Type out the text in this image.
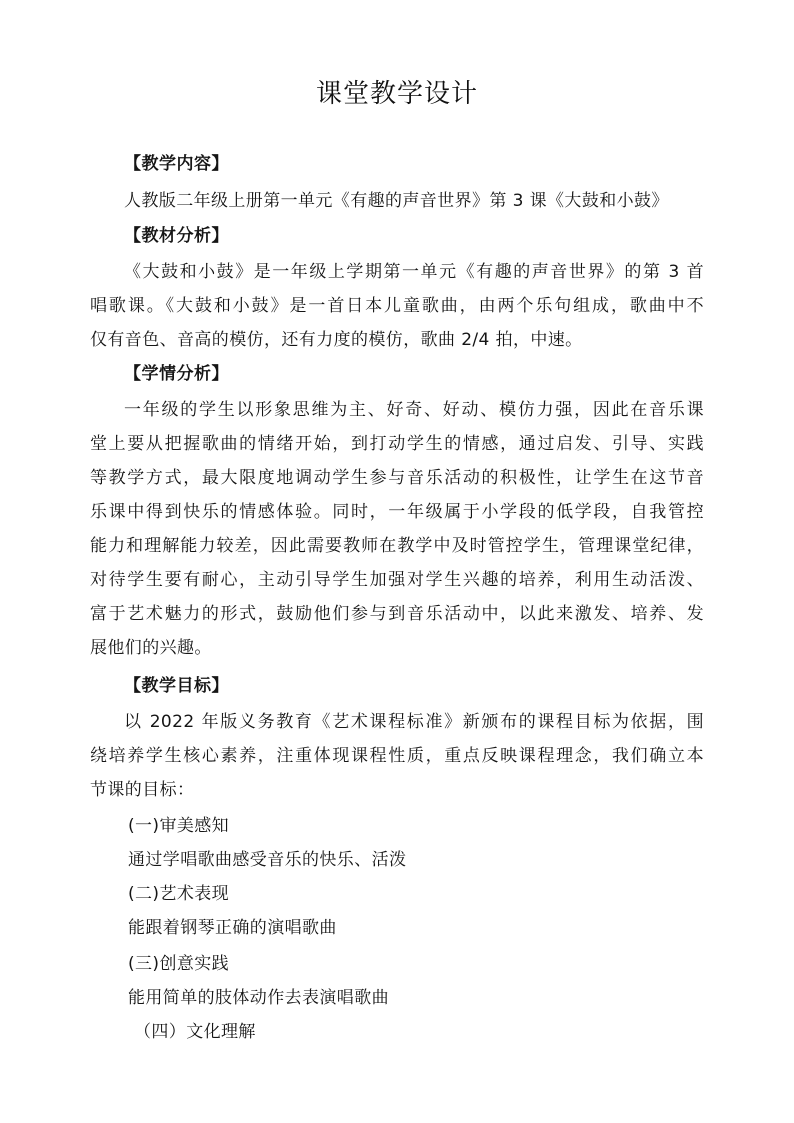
课堂教学设计
【教学内容】
人教版二年级上册第一单元《有趣的声音世界》第 3 课《大鼓和小鼓》
【教材分析】
《大鼓和小鼓》是一年级上学期第一单元《有趣的声音世界》的第 3 首
唱歌课。《大鼓和小鼓》是一首日本儿童歌曲，由两个乐句组成，歌曲中不
仅有音色、音高的模仿，还有力度的模仿，歌曲 2/4 拍，中速。
【学情分析】
一年级的学生以形象思维为主、好奇、好动、模仿力强，因此在音乐课
堂上要从把握歌曲的情绪开始，到打动学生的情感，通过启发、引导、实践
等教学方式，最大限度地调动学生参与音乐活动的积极性，让学生在这节音
乐课中得到快乐的情感体验。同时，一年级属于小学段的低学段，自我管控
能力和理解能力较差，因此需要教师在教学中及时管控学生，管理课堂纪律，
对待学生要有耐心，主动引导学生加强对学生兴趣的培养，利用生动活泼、
富于艺术魅力的形式，鼓励他们参与到音乐活动中，以此来激发、培养、发
展他们的兴趣。
【教学目标】
以 2022 年版义务教育《艺术课程标准》新颁布的课程目标为依据，围
绕培养学生核心素养，注重体现课程性质，重点反映课程理念，我们确立本
节课的目标：
(一)审美感知
通过学唱歌曲感受音乐的快乐、活泼
(二)艺术表现
能跟着钢琴正确的演唱歌曲
(三)创意实践
能用简单的肢体动作去表演唱歌曲
（四）文化理解
